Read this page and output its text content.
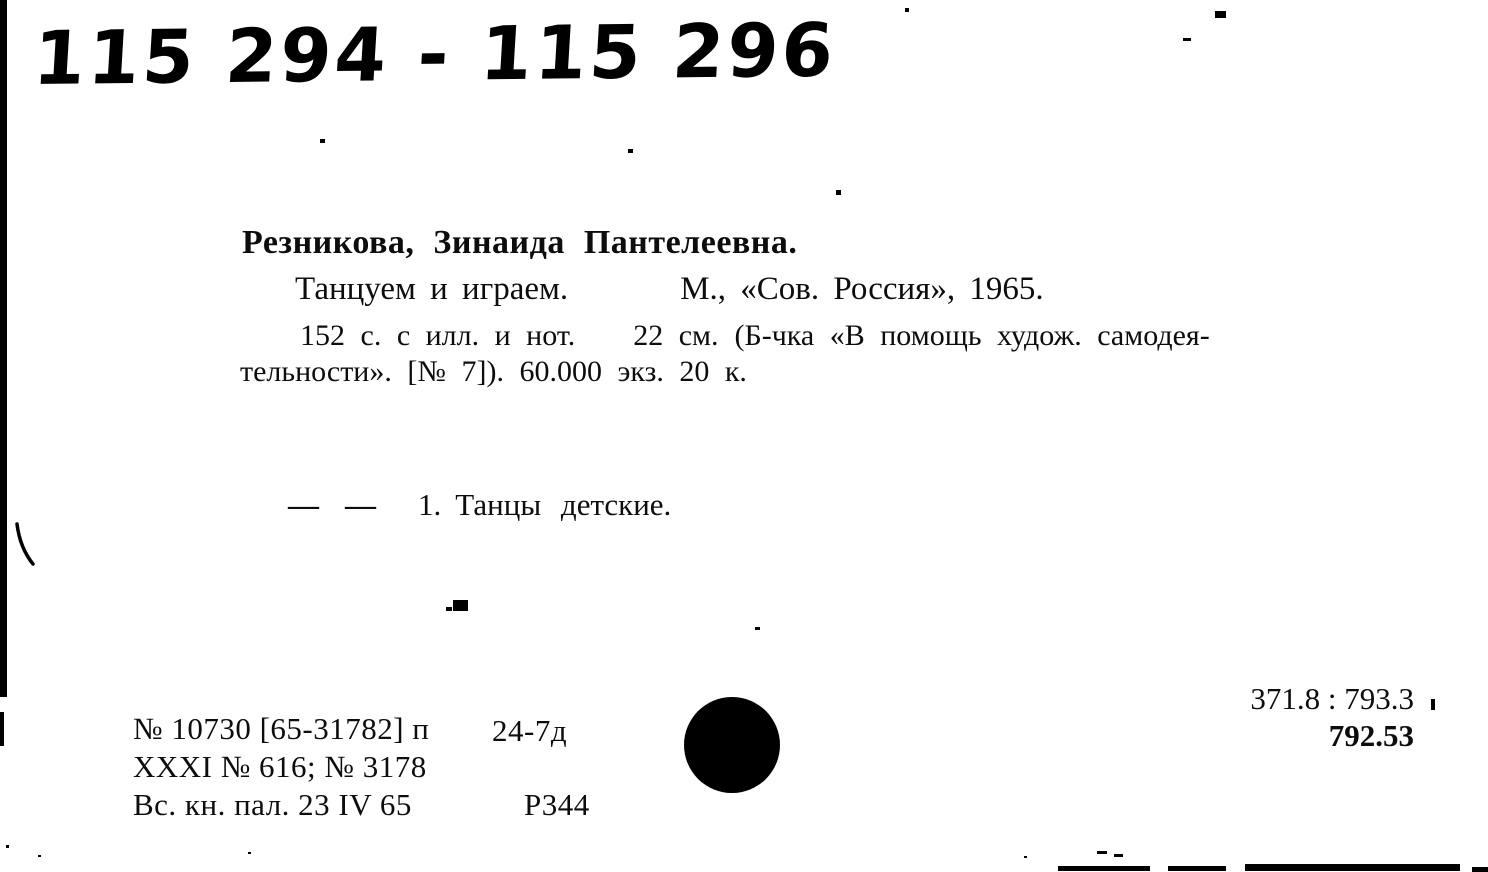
115 294 - 115 296
Резникова, Зинаида Пантелеевна.
Танцуем и играем.	М., «Сов. Россия», 1965.
152 с. с илл. и нот. 22 см. (Б-чка «В помощь худож. самодея-
тельности». [№ 7]). 60.000 экз. 20 к.
— — 1. Танцы детские.
№ 10730 [65-31782] п 24-7д
XXXI № 616; № 3178
Вс. кн. пал. 23 IV 65	Р344
371.8 : 793.3
792.53
